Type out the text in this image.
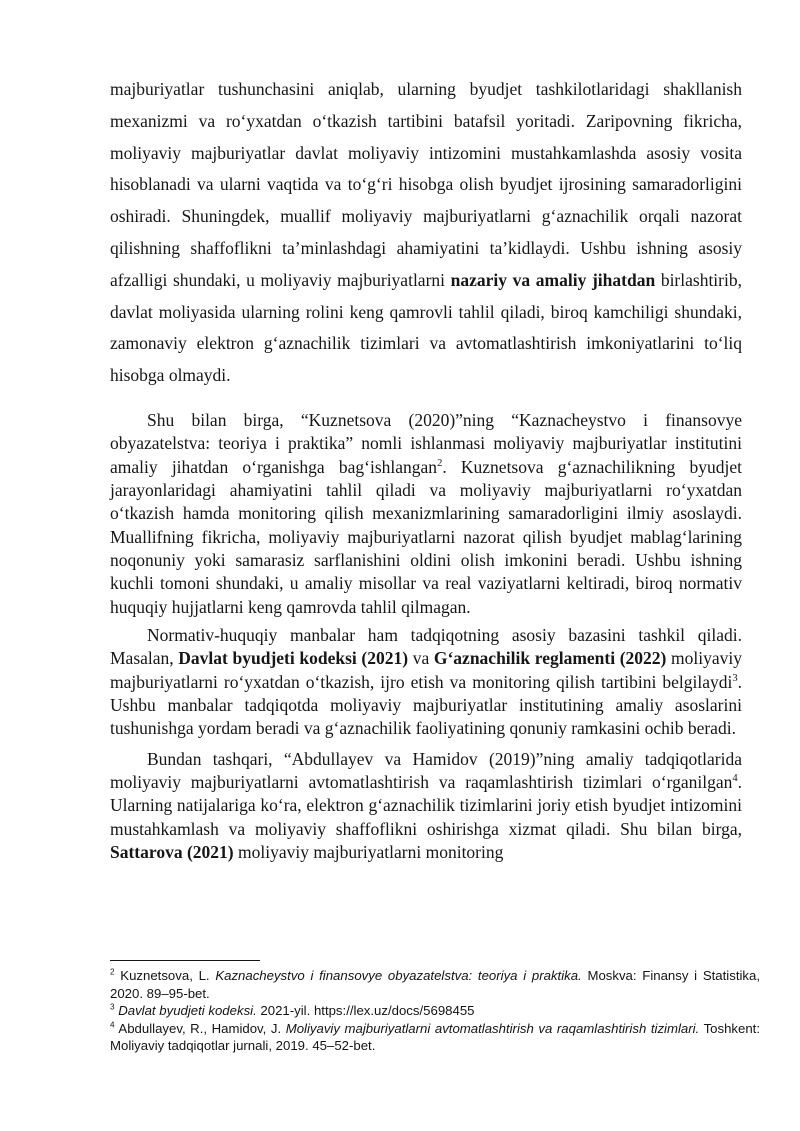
majburiyatlar tushunchasini aniqlab, ularning byudjet tashkilotlaridagi shakllanish mexanizmi va ro‘yxatdan o‘tkazish tartibini batafsil yoritadi. Zaripovning fikricha, moliyaviy majburiyatlar davlat moliyaviy intizomini mustahkamlashda asosiy vosita hisoblanadi va ularni vaqtida va to‘g‘ri hisobga olish byudjet ijrosining samaradorligini oshiradi. Shuningdek, muallif moliyaviy majburiyatlarni g‘aznachilik orqali nazorat qilishning shaffoflikni ta’minlashdagi ahamiyatini ta’kidlaydi. Ushbu ishning asosiy afzalligi shundaki, u moliyaviy majburiyatlarni nazariy va amaliy jihatdan birlashtirib, davlat moliyasida ularning rolini keng qamrovli tahlil qiladi, biroq kamchiligi shundaki, zamonaviy elektron g‘aznachilik tizimlari va avtomatlashtirish imkoniyatlarini to‘liq hisobga olmaydi.

Shu bilan birga, “Kuznetsova (2020)”ning “Kaznacheystvo i finansovye obyazatelstva: teoriya i praktika” nomli ishlanmasi moliyaviy majburiyatlar institutini amaliy jihatdan o‘rganishga bag‘ishlangan$^2$. Kuznetsova g‘aznachilikning byudjet jarayonlaridagi ahamiyatini tahlil qiladi va moliyaviy majburiyatlarni ro‘yxatdan o‘tkazish hamda monitoring qilish mexanizmlarining samaradorligini ilmiy asoslaydi. Muallifning fikricha, moliyaviy majburiyatlarni nazorat qilish byudjet mablag‘larining noqonuniy yoki samarasiz sarflanishini oldini olish imkonini beradi. Ushbu ishning kuchli tomoni shundaki, u amaliy misollar va real vaziyatlarni keltiradi, biroq normativ huquqiy hujjatlarni keng qamrovda tahlil qilmagan.

Normativ-huquqiy manbalar ham tadqiqotning asosiy bazasini tashkil qiladi. Masalan, Davlat byudjeti kodeksi (2021) va G‘aznachilik reglamenti (2022) moliyaviy majburiyatlarni ro‘yxatdan o‘tkazish, ijro etish va monitoring qilish tartibini belgilaydi$^3$. Ushbu manbalar tadqiqotda moliyaviy majburiyatlar institutining amaliy asoslarini tushunishga yordam beradi va g‘aznachilik faoliyatining qonuniy ramkasini ochib beradi.

Bundan tashqari, “Abdullayev va Hamidov (2019)”ning amaliy tadqiqotlarida moliyaviy majburiyatlarni avtomatlashtirish va raqamlashtirish tizimlari o‘rganilgan$^4$. Ularning natijalariga ko‘ra, elektron g‘aznachilik tizimlarini joriy etish byudjet intizomini mustahkamlash va moliyaviy shaffoflikni oshirishga xizmat qiladi. Shu bilan birga, Sattarova (2021) moliyaviy majburiyatlarni monitoring

$^2$ Kuznetsova, L. Kaznacheystvo i finansovye obyazatelstva: teoriya i praktika. Moskva: Finansy i Statistika, 2020. 89–95-bet.

$^3$ Davlat byudjeti kodeksi. 2021-yil. https://lex.uz/docs/5698455

$^4$ Abdullayev, R., Hamidov, J. Moliyaviy majburiyatlarni avtomatlashtirish va raqamlashtirish tizimlari. Toshkent: Moliyaviy tadqiqotlar jurnali, 2019. 45–52-bet.
